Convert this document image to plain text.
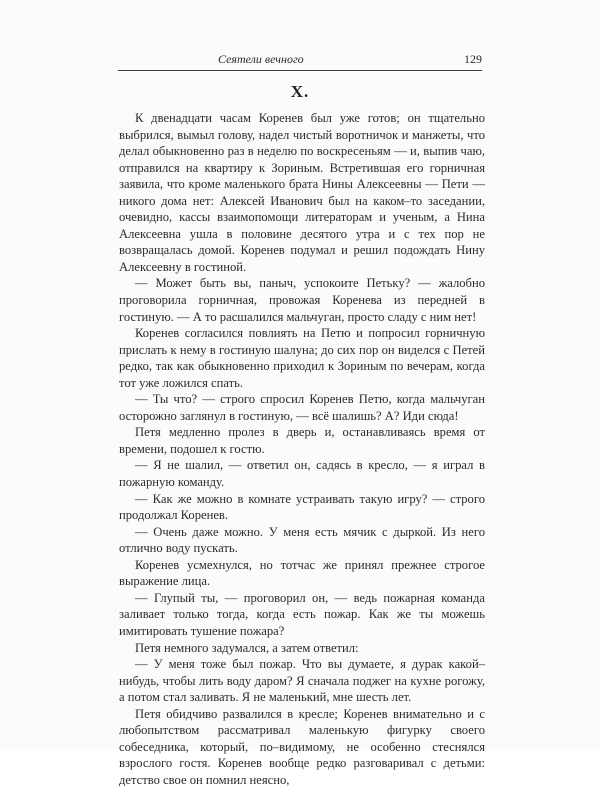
Сеятели вечного	129
X.

К двенадцати часам Коренев был уже готов; он тщательно выбрился, вымыл голову, надел чистый воротничок и манжеты, что делал обыкновенно раз в неделю по воскресеньям — и, выпив чаю, отправился на квартиру к Зориным. Встретившая его горничная заявила, что кроме маленького брата Нины Алексеевны — Пети — никого дома нет: Алексей Иванович был на каком–то заседании, очевидно, кассы взаимопомощи литераторам и ученым, а Нина Алексеевна ушла в половине десятого утра и с тех пор не возвращалась домой. Коренев подумал и решил подождать Нину Алексеевну в гостиной.

— Может быть вы, паныч, успокоите Петьку? — жалобно проговорила горничная, провожая Коренева из передней в гостиную. — А то расшалился мальчуган, просто сладу с ним нет!

Коренев согласился повлиять на Петю и попросил горничную прислать к нему в гостиную шалуна; до сих пор он виделся с Петей редко, так как обыкновенно приходил к Зориным по вечерам, когда тот уже ложился спать.

— Ты что? — строго спросил Коренев Петю, когда мальчуган осторожно заглянул в гостиную, — всё шалишь? А? Иди сюда!

Петя медленно пролез в дверь и, останавливаясь время от времени, подошел к гостю.

— Я не шалил, — ответил он, садясь в кресло, — я играл в пожарную команду.

— Как же можно в комнате устраивать такую игру? — строго продолжал Коренев.

— Очень даже можно. У меня есть мячик с дыркой. Из него отлично воду пускать.

Коренев усмехнулся, но тотчас же принял прежнее строгое выражение лица.

— Глупый ты, — проговорил он, — ведь пожарная команда заливает только тогда, когда есть пожар. Как же ты можешь имитировать тушение пожара?

Петя немного задумался, а затем ответил:

— У меня тоже был пожар. Что вы думаете, я дурак какой–нибудь, чтобы лить воду даром? Я сначала поджег на кухне рогожу, а потом стал заливать. Я не маленький, мне шесть лет.

Петя обидчиво развалился в кресле; Коренев внимательно и с любопытством рассматривал маленькую фигурку своего собеседника, который, по–видимому, не особенно стеснялся взрослого гостя. Коренев вообще редко разговаривал с детьми: детство свое он помнил неясно,
